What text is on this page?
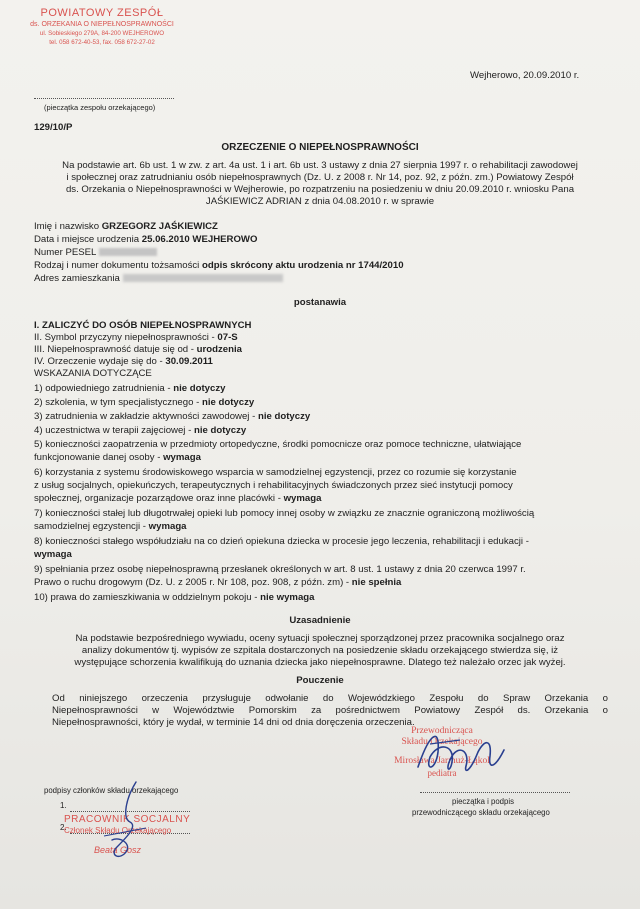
POWIATOWY ZESPÓŁ
ds. ORZEKANIA O NIEPEŁNOSPRAWNOŚCI
ul. Sobieskiego 279A, 84-200 WEJHEROWO
tel. 058 672-40-53, fax. 058 672-27-02
Wejherowo, 20.09.2010 r.
(pieczątka zespołu orzekającego)
129/10/P
ORZECZENIE O NIEPEŁNOSPRAWNOŚCI
Na podstawie art. 6b ust. 1 w zw. z art. 4a ust. 1 i art. 6b ust. 3 ustawy z dnia 27 sierpnia 1997 r. o rehabilitacji zawodowej
i społecznej oraz zatrudnianiu osób niepełnosprawnych (Dz. U. z 2008 r. Nr 14, poz. 92, z późn. zm.) Powiatowy Zespół
ds. Orzekania o Niepełnosprawności w Wejherowie, po rozpatrzeniu na posiedzeniu w dniu 20.09.2010 r. wniosku Pana
JAŚKIEWICZ ADRIAN z dnia 04.08.2010 r. w sprawie
Imię i nazwisko GRZEGORZ JAŚKIEWICZ
Data i miejsce urodzenia 25.06.2010 WEJHEROWO
Numer PESEL
Rodzaj i numer dokumentu tożsamości odpis skrócony aktu urodzenia nr 1744/2010
Adres zamieszkania
postanawia
I. ZALICZYĆ DO OSÓB NIEPEŁNOSPRAWNYCH
II. Symbol przyczyny niepełnosprawności - 07-S
III. Niepełnosprawność datuje się od - urodzenia
IV. Orzeczenie wydaje się do - 30.09.2011
WSKAZANIA DOTYCZĄCE
1) odpowiedniego zatrudnienia - nie dotyczy
2) szkolenia, w tym specjalistycznego - nie dotyczy
3) zatrudnienia w zakładzie aktywności zawodowej - nie dotyczy
4) uczestnictwa w terapii zajęciowej - nie dotyczy
5) konieczności zaopatrzenia w przedmioty ortopedyczne, środki pomocnicze oraz pomoce techniczne, ułatwiające
funkcjonowanie danej osoby - wymaga
6) korzystania z systemu środowiskowego wsparcia w samodzielnej egzystencji, przez co rozumie się korzystanie
z usług socjalnych, opiekuńczych, terapeutycznych i rehabilitacyjnych świadczonych przez sieć instytucji pomocy
społecznej, organizacje pozarządowe oraz inne placówki - wymaga
7) konieczności stałej lub długotrwałej opieki lub pomocy innej osoby w związku ze znacznie ograniczoną możliwością
samodzielnej egzystencji - wymaga
8) konieczności stałego współudziału na co dzień opiekuna dziecka w procesie jego leczenia, rehabilitacji i edukacji -
wymaga
9) spełniania przez osobę niepełnosprawną przesłanek określonych w art. 8 ust. 1 ustawy z dnia 20 czerwca 1997 r.
Prawo o ruchu drogowym (Dz. U. z 2005 r. Nr 108, poz. 908, z późn. zm) - nie spełnia
10) prawa do zamieszkiwania w oddzielnym pokoju - nie wymaga
Uzasadnienie
Na podstawie bezpośredniego wywiadu, oceny sytuacji społecznej sporządzonej przez pracownika socjalnego oraz
analizy dokumentów tj. wypisów ze szpitala dostarczonych na posiedzenie składu orzekającego stwierdza się, iż
występujące schorzenia kwalifikują do uznania dziecka jako niepełnosprawne. Dlatego też należało orzec jak wyżej.
Pouczenie
Od niniejszego orzeczenia przysługuje odwołanie do Wojewódzkiego Zespołu do Spraw Orzekania o
Niepełnosprawności w Województwie Pomorskim za pośrednictwem Powiatowy Zespół ds. Orzekania o
Niepełnosprawności, który je wydał, w terminie 14 dni od dnia doręczenia orzeczenia.
Przewodnicząca
Składu Orzekającego
Mirosława Jarmuż-Łąkol
pediatra
podpisy członków składu orzekającego
1.
2.
PRACOWNIK SOCJALNY
Członek Składu Orzekającego
Beata Gosz
pieczątka i podpis
przewodniczącego składu orzekającego
